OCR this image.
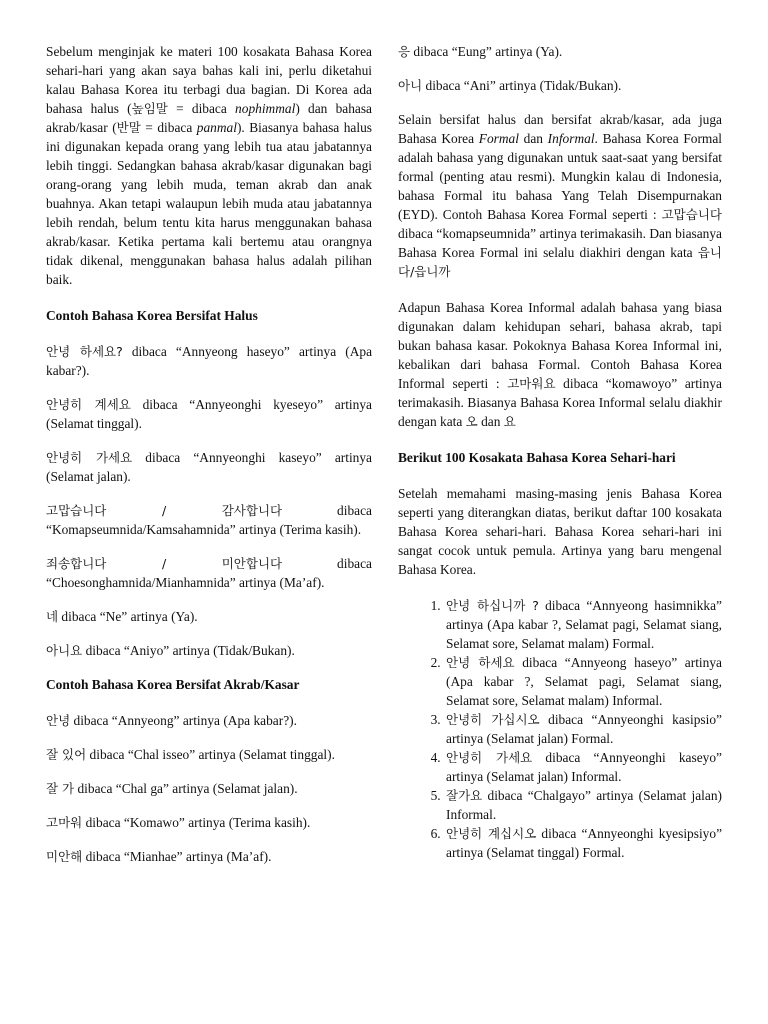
Sebelum menginjak ke materi 100 kosakata Bahasa Korea sehari-hari yang akan saya bahas kali ini, perlu diketahui kalau Bahasa Korea itu terbagi dua bagian. Di Korea ada bahasa halus (높임말 = dibaca nophimmal) dan bahasa akrab/kasar (반말 = dibaca panmal). Biasanya bahasa halus ini digunakan kepada orang yang lebih tua atau jabatannya lebih tinggi. Sedangkan bahasa akrab/kasar digunakan bagi orang-orang yang lebih muda, teman akrab dan anak buahnya. Akan tetapi walaupun lebih muda atau jabatannya lebih rendah, belum tentu kita harus menggunakan bahasa akrab/kasar. Ketika pertama kali bertemu atau orangnya tidak dikenal, menggunakan bahasa halus adalah pilihan baik.

Contoh Bahasa Korea Bersifat Halus

안녕 하세요? dibaca “Annyeong haseyo” artinya (Apa kabar?).

안녕히 계세요 dibaca “Annyeonghi kyeseyo” artinya (Selamat tinggal).

안녕히 가세요 dibaca “Annyeonghi kaseyo” artinya (Selamat jalan).

고맙습니다 / 감사합니다 dibaca “Komapseumnida/Kamsahamnida” artinya (Terima kasih).

죄송합니다 / 미안합니다 dibaca “Choesonghamnida/Mianhamnida” artinya (Ma’af).

네 dibaca “Ne” artinya (Ya).

아니요 dibaca “Aniyo” artinya (Tidak/Bukan).

Contoh Bahasa Korea Bersifat Akrab/Kasar

안녕 dibaca “Annyeong” artinya (Apa kabar?).

잘 있어 dibaca “Chal isseo” artinya (Selamat tinggal).

잘 가 dibaca “Chal ga” artinya (Selamat jalan).

고마워 dibaca “Komawo” artinya (Terima kasih).

미안해 dibaca “Mianhae” artinya (Ma’af).

응 dibaca “Eung” artinya (Ya).

아니 dibaca “Ani” artinya (Tidak/Bukan).

Selain bersifat halus dan bersifat akrab/kasar, ada juga Bahasa Korea Formal dan Informal. Bahasa Korea Formal adalah bahasa yang digunakan untuk saat-saat yang bersifat formal (penting atau resmi). Mungkin kalau di Indonesia, bahasa Formal itu bahasa Yang Telah Disempurnakan (EYD). Contoh Bahasa Korea Formal seperti : 고맙습니다 dibaca “komapseumnida” artinya terimakasih. Dan biasanya Bahasa Korea Formal ini selalu diakhiri dengan kata 읍니다/읍니까

Adapun Bahasa Korea Informal adalah bahasa yang biasa digunakan dalam kehidupan sehari, bahasa akrab, tapi bukan bahasa kasar. Pokoknya Bahasa Korea Informal ini, kebalikan dari bahasa Formal. Contoh Bahasa Korea Informal seperti : 고마워요 dibaca “komawoyo” artinya terimakasih. Biasanya Bahasa Korea Informal selalu diakhir dengan kata 오 dan 요

Berikut 100 Kosakata Bahasa Korea Sehari-hari

Setelah memahami masing-masing jenis Bahasa Korea seperti yang diterangkan diatas, berikut daftar 100 kosakata Bahasa Korea sehari-hari. Bahasa Korea sehari-hari ini sangat cocok untuk pemula. Artinya yang baru mengenal Bahasa Korea.

1. 안녕 하십니까 ? dibaca “Annyeong hasimnikka” artinya (Apa kabar ?, Selamat pagi, Selamat siang, Selamat sore, Selamat malam) Formal.
2. 안녕 하세요 dibaca “Annyeong haseyo” artinya (Apa kabar ?, Selamat pagi, Selamat siang, Selamat sore, Selamat malam) Informal.
3. 안녕히 가십시오 dibaca “Annyeonghi kasipsio” artinya (Selamat jalan) Formal.
4. 안녕히 가세요 dibaca “Annyeonghi kaseyo” artinya (Selamat jalan) Informal.
5. 잘가요 dibaca “Chalgayo” artinya (Selamat jalan) Informal.
6. 안녕히 계십시오 dibaca “Annyeonghi kyesipsiyo” artinya (Selamat tinggal) Formal.
